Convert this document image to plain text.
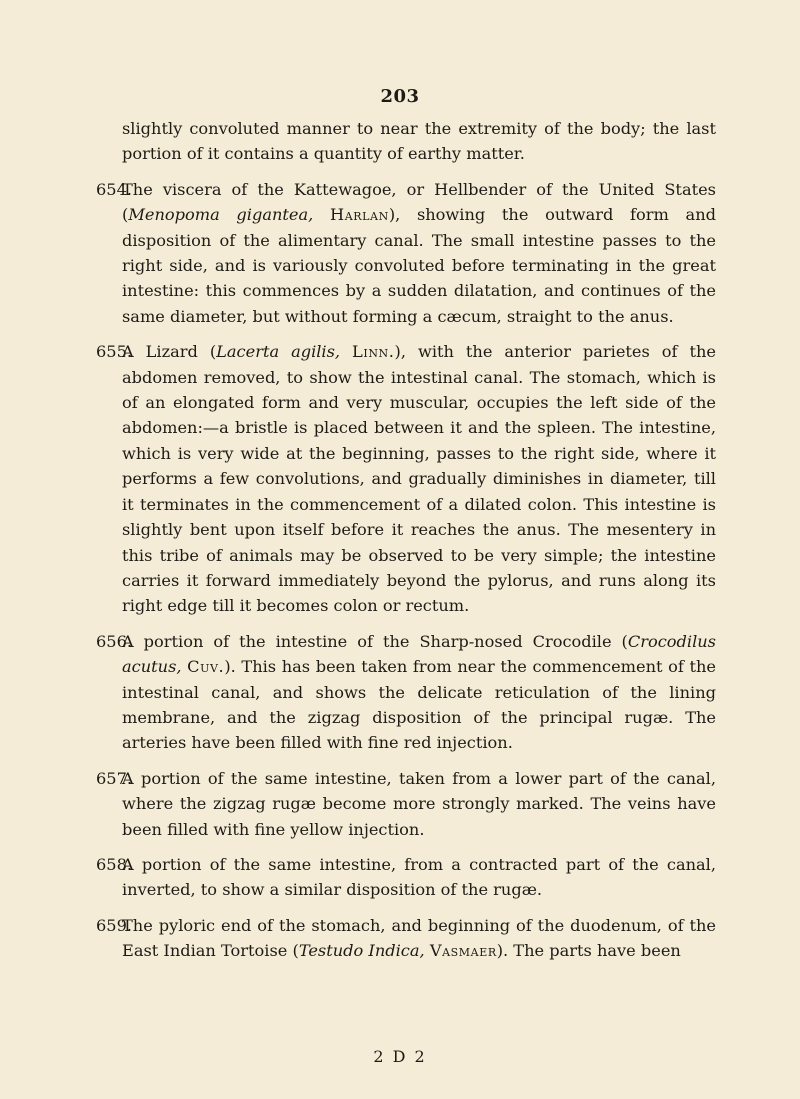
203

slightly convoluted manner to near the extremity of the body; the last portion of it contains a quantity of earthy matter.

654.

The viscera of the Kattewagoe, or Hellbender of the United States (Menopoma gigantea, Harlan), showing the outward form and disposition of the alimentary canal. The small intestine passes to the right side, and is variously convoluted before terminating in the great intestine: this commences by a sudden dilatation, and continues of the same diameter, but without forming a cæcum, straight to the anus.

655.

A Lizard (Lacerta agilis, Linn.), with the anterior parietes of the abdomen removed, to show the intestinal canal. The stomach, which is of an elongated form and very muscular, occupies the left side of the abdomen:—a bristle is placed between it and the spleen. The intestine, which is very wide at the beginning, passes to the right side, where it performs a few convolutions, and gradually diminishes in diameter, till it terminates in the commencement of a dilated colon. This intestine is slightly bent upon itself before it reaches the anus. The mesentery in this tribe of animals may be observed to be very simple; the intestine carries it forward immediately beyond the pylorus, and runs along its right edge till it becomes colon or rectum.

656.

A portion of the intestine of the Sharp-nosed Crocodile (Crocodilus acutus, Cuv.). This has been taken from near the commencement of the intestinal canal, and shows the delicate reticulation of the lining membrane, and the zigzag disposition of the principal rugæ. The arteries have been filled with fine red injection.

657.

A portion of the same intestine, taken from a lower part of the canal, where the zigzag rugæ become more strongly marked. The veins have been filled with fine yellow injection.

658.

A portion of the same intestine, from a contracted part of the canal, inverted, to show a similar disposition of the rugæ.

659.

The pyloric end of the stomach, and beginning of the duodenum, of the East Indian Tortoise (Testudo Indica, Vasmaer). The parts have been

2 D 2
